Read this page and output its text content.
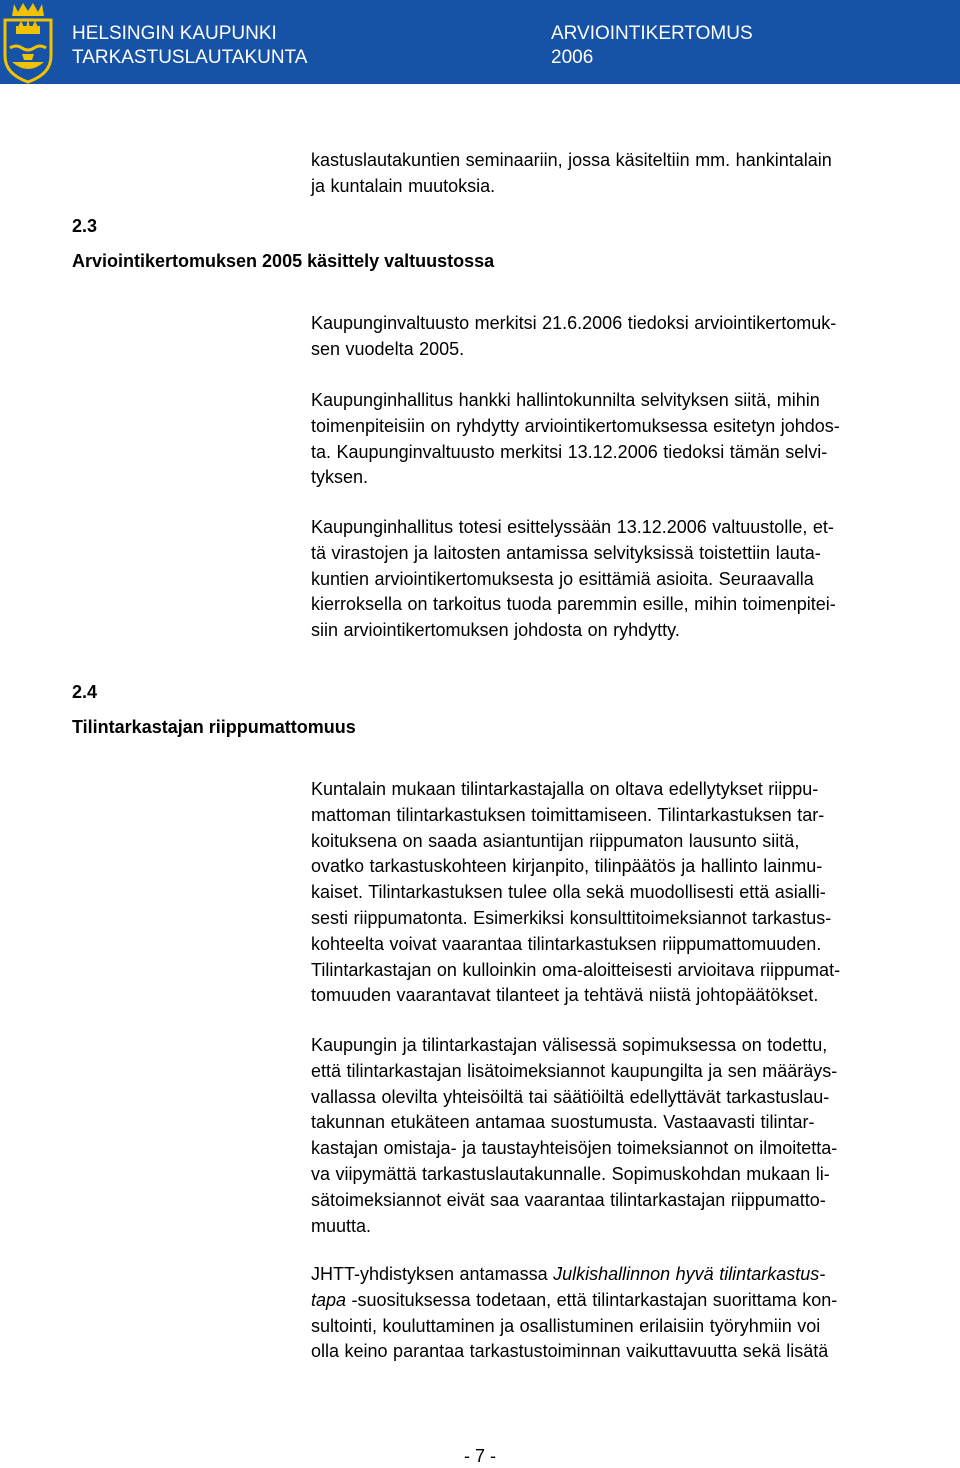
HELSINGIN KAUPUNKI
TARKASTUSLAUTAKUNTA
ARVIOINTIKERTOMUS
2006

kastuslautakuntien seminaariin, jossa käsiteltiin mm. hankintalain
ja kuntalain muutoksia.

2.3
Arviointikertomuksen 2005 käsittely valtuustossa

Kaupunginvaltuusto merkitsi 21.6.2006 tiedoksi arviointikertomuk-
sen vuodelta 2005.

Kaupunginhallitus hankki hallintokunnilta selvityksen siitä, mihin
toimenpiteisiin on ryhdytty arviointikertomuksessa esitetyn johdos-
ta. Kaupunginvaltuusto merkitsi 13.12.2006 tiedoksi tämän selvi-
tyksen.

Kaupunginhallitus totesi esittelyssään 13.12.2006 valtuustolle, et-
tä virastojen ja laitosten antamissa selvityksissä toistettiin lauta-
kuntien arviointikertomuksesta jo esittämiä asioita. Seuraavalla
kierroksella on tarkoitus tuoda paremmin esille, mihin toimenpitei-
siin arviointikertomuksen johdosta on ryhdytty.

2.4
Tilintarkastajan riippumattomuus

Kuntalain mukaan tilintarkastajalla on oltava edellytykset riippu-
mattoman tilintarkastuksen toimittamiseen. Tilintarkastuksen tar-
koituksena on saada asiantuntijan riippumaton lausunto siitä,
ovatko tarkastuskohteen kirjanpito, tilinpäätös ja hallinto lainmu-
kaiset. Tilintarkastuksen tulee olla sekä muodollisesti että asialli-
sesti riippumatonta. Esimerkiksi konsulttitoimeksiannot tarkastus-
kohteelta voivat vaarantaa tilintarkastuksen riippumattomuuden.
Tilintarkastajan on kulloinkin oma-aloitteisesti arvioitava riippumat-
tomuuden vaarantavat tilanteet ja tehtävä niistä johtopäätökset.

Kaupungin ja tilintarkastajan välisessä sopimuksessa on todettu,
että tilintarkastajan lisätoimeksiannot kaupungilta ja sen määräys-
vallassa olevilta yhteisöiltä tai säätiöiltä edellyttävät tarkastuslau-
takunnan etukäteen antamaa suostumusta. Vastaavasti tilintar-
kastajan omistaja- ja taustayhteisöjen toimeksiannot on ilmoitetta-
va viipymättä tarkastuslautakunnalle. Sopimuskohdan mukaan li-
sätoimeksiannot eivät saa vaarantaa tilintarkastajan riippumatto-
muutta.

JHTT-yhdistyksen antamassa Julkishallinnon hyvä tilintarkastus-
tapa -suosituksessa todetaan, että tilintarkastajan suorittama kon-
sultointi, kouluttaminen ja osallistuminen erilaisiin työryhmiin voi
olla keino parantaa tarkastustoiminnan vaikuttavuutta sekä lisätä

- 7 -
